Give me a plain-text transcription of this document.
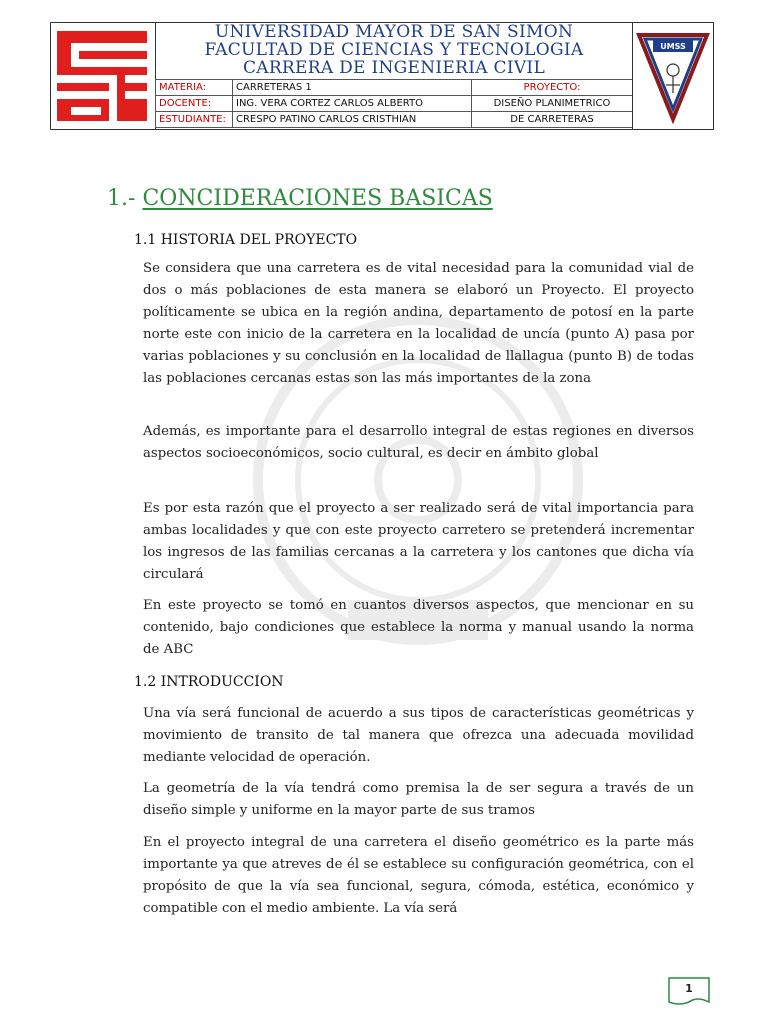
UNIVERSIDAD MAYOR DE SAN SIMON
FACULTAD DE CIENCIAS Y TECNOLOGIA
CARRERA DE INGENIERIA CIVIL
MATERIA:	CARRETERAS 1	PROYECTO:
DOCENTE:	ING. VERA CORTEZ CARLOS ALBERTO	DISEÑO PLANIMETRICO
ESTUDIANTE:	CRESPO PATINO CARLOS CRISTHIAN	DE CARRETERAS
UMSS
1.- CONCIDERACIONES BASICAS
1.1 HISTORIA DEL PROYECTO
Se considera que una carretera es de vital necesidad para la comunidad vial de dos o más poblaciones de esta manera se elaboró un Proyecto. El proyecto políticamente se ubica en la región andina, departamento de potosí en la parte norte este con inicio de la carretera en la localidad de uncía (punto A) pasa por varias poblaciones y su conclusión en la localidad de llallagua (punto B) de todas las poblaciones cercanas estas son las más importantes de la zona
Además, es importante para el desarrollo integral de estas regiones en diversos aspectos socioeconómicos, socio cultural, es decir en ámbito global
Es por esta razón que el proyecto a ser realizado será de vital importancia para ambas localidades y que con este proyecto carretero se pretenderá incrementar los ingresos de las familias cercanas a la carretera y los cantones que dicha vía circulará
En este proyecto se tomó en cuantos diversos aspectos, que mencionar en su contenido, bajo condiciones que establece la norma y manual usando la norma de ABC
1.2 INTRODUCCION
Una vía será funcional de acuerdo a sus tipos de características geométricas y movimiento de transito de tal manera que ofrezca una adecuada movilidad mediante velocidad de operación.
La geometría de la vía tendrá como premisa la de ser segura a través de un diseño simple y uniforme en la mayor parte de sus tramos
En el proyecto integral de una carretera el diseño geométrico es la parte más importante ya que atreves de él se establece su configuración geométrica, con el propósito de que la vía sea funcional, segura, cómoda, estética, económico y compatible con el medio ambiente. La vía será
1
